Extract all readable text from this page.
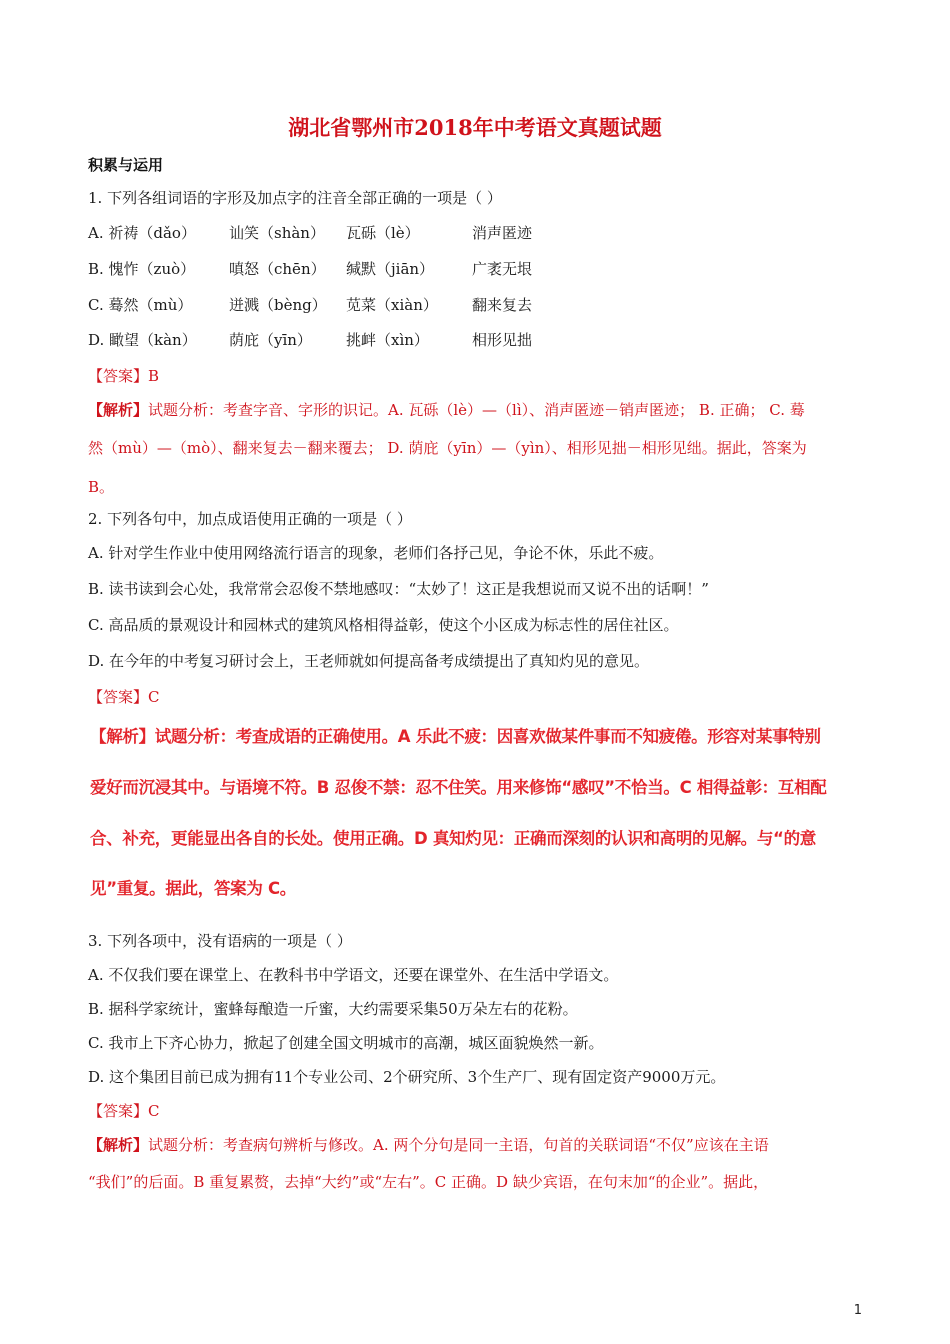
湖北省鄂州市2018年中考语文真题试题
积累与运用
1. 下列各组词语的字形及加点字的注音全部正确的一项是（ ）
A. 祈祷（dǎo） 讪笑（shàn） 瓦砾（lè）	消声匿迹
B. 愧怍（zuò） 嗔怒（chēn） 缄默（jiān）	广袤无垠
C. 蓦然（mù） 迸溅（bèng） 苋菜（xiàn） 翻来复去
D. 瞰望（kàn） 荫庇（yīn） 挑衅（xìn）	相形见拙
【答案】B
【解析】试题分析：考查字音、字形的识记。A. 瓦砾（lè）—（lì）、消声匿迹－销声匿迹； B. 正确； C. 蓦
然（mù）—（mò）、翻来复去－翻来覆去； D. 荫庇（yīn）—（yìn）、相形见拙－相形见绌。据此，答案为
B。
2. 下列各句中，加点成语使用正确的一项是（ ）
A. 针对学生作业中使用网络流行语言的现象，老师们各抒己见，争论不休，乐此不疲。
B. 读书读到会心处，我常常会忍俊不禁地感叹：“太妙了！这正是我想说而又说不出的话啊！”
C. 高品质的景观设计和园林式的建筑风格相得益彰，使这个小区成为标志性的居住社区。
D. 在今年的中考复习研讨会上，王老师就如何提高备考成绩提出了真知灼见的意见。
【答案】C
【解析】试题分析：考查成语的正确使用。A 乐此不疲：因喜欢做某件事而不知疲倦。形容对某事特别
爱好而沉浸其中。与语境不符。B 忍俊不禁：忍不住笑。用来修饰“感叹”不恰当。C 相得益彰：互相配
合、补充，更能显出各自的长处。使用正确。D 真知灼见：正确而深刻的认识和高明的见解。与“的意
见”重复。据此，答案为 C。
3. 下列各项中，没有语病的一项是（ ）
A. 不仅我们要在课堂上、在教科书中学语文，还要在课堂外、在生活中学语文。
B. 据科学家统计，蜜蜂每酿造一斤蜜，大约需要采集50万朵左右的花粉。
C. 我市上下齐心协力，掀起了创建全国文明城市的高潮，城区面貌焕然一新。
D. 这个集团目前已成为拥有11个专业公司、2个研究所、3个生产厂、现有固定资产9000万元。
【答案】C
【解析】试题分析：考查病句辨析与修改。A. 两个分句是同一主语，句首的关联词语“不仅”应该在主语
“我们”的后面。B 重复累赘，去掉“大约”或“左右”。C 正确。D 缺少宾语，在句末加“的企业”。据此，
1
